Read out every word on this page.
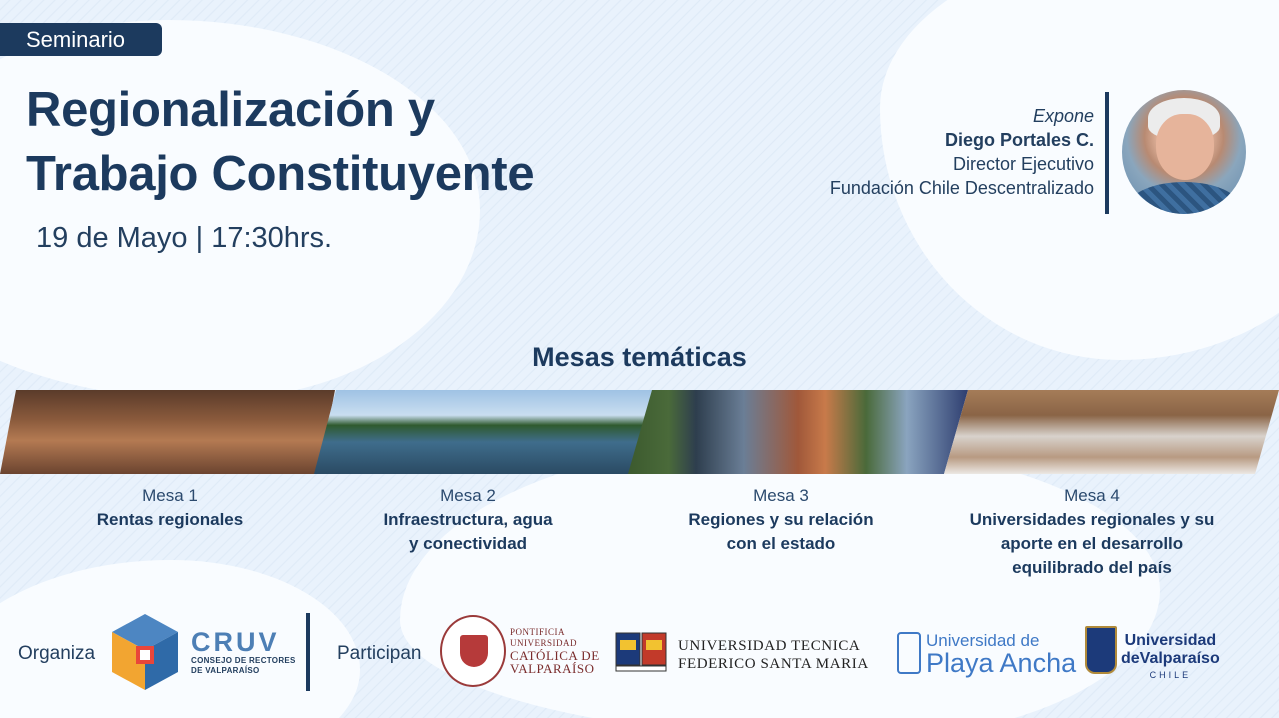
Seminario
Regionalización y
Trabajo Constituyente
19 de Mayo | 17:30hrs.
Expone
Diego Portales C.
Director Ejecutivo
Fundación Chile Descentralizado
Mesas temáticas
Mesa 1
Rentas regionales
Mesa 2
Infraestructura, agua
y conectividad
Mesa 3
Regiones y su relación
con el estado
Mesa 4
Universidades regionales y su
aporte en el desarrollo
equilibrado del país
Organiza	CRUV
CONSEJO DE RECTORES
DE VALPARAÍSO
Participan
PONTIFICIA
UNIVERSIDAD
CATÓLICA DE
VALPARAÍSO
UNIVERSIDAD TECNICA
FEDERICO SANTA MARIA
Universidad de
Playa Ancha
Universidad
deValparaíso
CHILE
